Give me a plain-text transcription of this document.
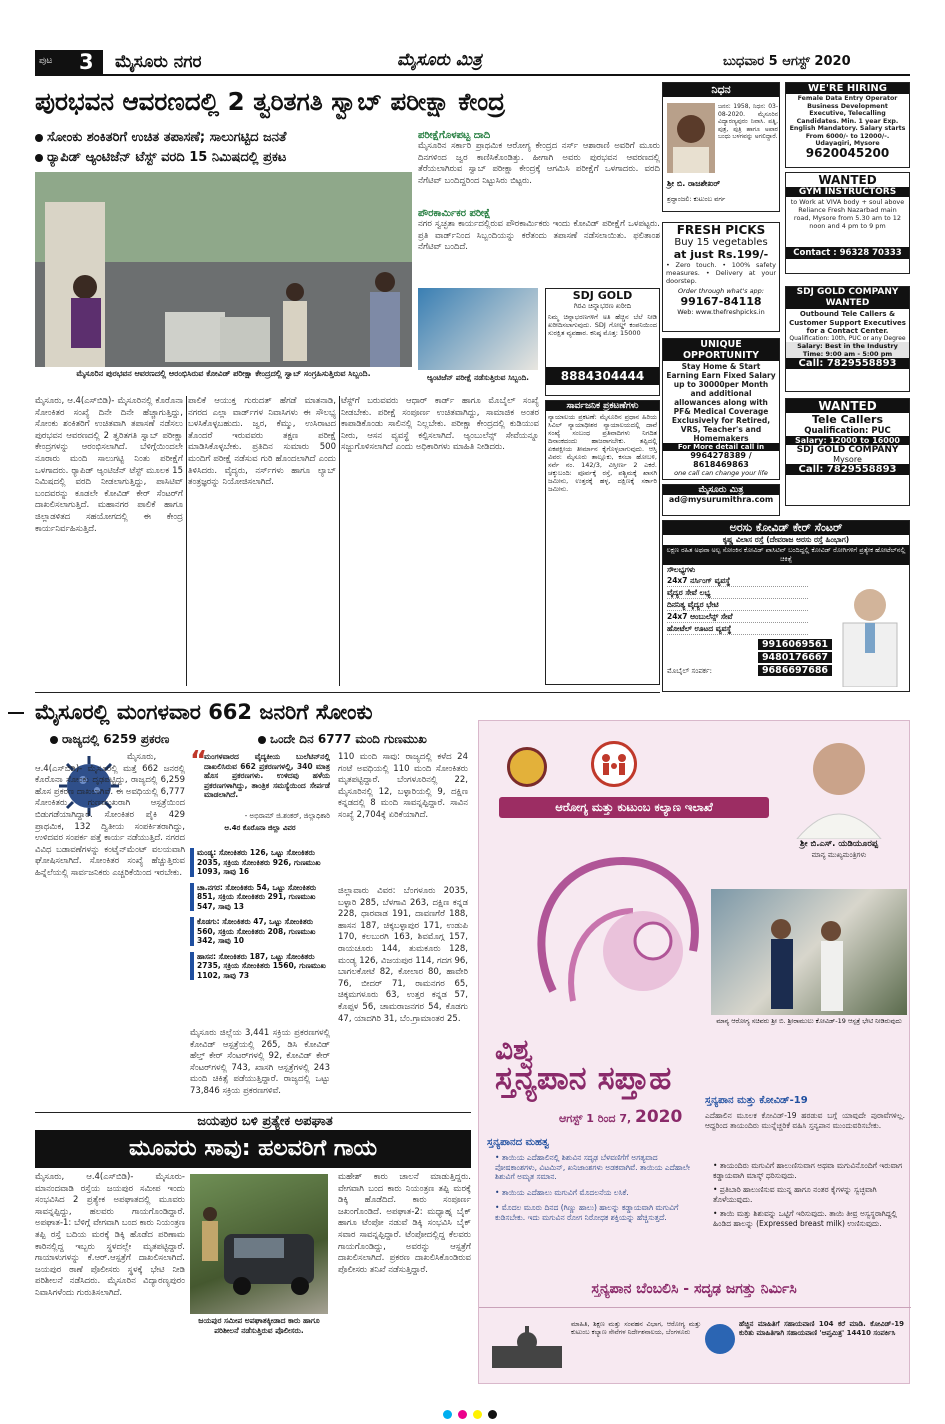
ಪುಟ 3 ಮೈಸೂರು ನಗರ	ಮೈಸೂರು ಮಿತ್ರ	ಬುಧವಾರ 5 ಆಗಸ್ಟ್ 2020
ಪುರಭವನ ಆವರಣದಲ್ಲಿ 2 ತ್ವರಿತಗತಿ ಸ್ವಾಬ್ ಪರೀಕ್ಷಾ ಕೇಂದ್ರ
ಸೋಂಕು ಶಂಕಿತರಿಗೆ ಉಚಿತ ತಪಾಸಣೆ; ಸಾಲುಗಟ್ಟಿದ ಜನತೆ
ರ್‍ಯಾಪಿಡ್ ಆ್ಯಂಟಿಜೆನ್ ಟೆಸ್ಟ್ ವರದಿ 15 ನಿಮಿಷದಲ್ಲಿ ಪ್ರಕಟ
ಮೈಸೂರಿನ ಪುರಭವನ ಆವರಣದಲ್ಲಿ ಆರಂಭಿಸಿರುವ ಕೋವಿಡ್ ಪರೀಕ್ಷಾ ಕೇಂದ್ರದಲ್ಲಿ ಸ್ವಾಬ್ ಸಂಗ್ರಹಿಸುತ್ತಿರುವ ಸಿಬ್ಬಂದಿ.
ಪರೀಕ್ಷೆಗೊಳಪಟ್ಟ ದಾದಿ
ಮೈಸೂರಿನ ಸರ್ಕಾರಿ ಪ್ರಾಥಮಿಕ ಆರೋಗ್ಯ ಕೇಂದ್ರದ ನರ್ಸ್ ಆಶಾರಾಣಿ ಅವರಿಗೆ ಮೂರು ದಿನಗಳಿಂದ ಜ್ವರ ಕಾಣಿಸಿಕೊಂಡಿತ್ತು. ಹೀಗಾಗಿ ಅವರು ಪುರಭವನ ಆವರಣದಲ್ಲಿ ತೆರೆಯಲಾಗಿರುವ ಸ್ವಾಬ್ ಪರೀಕ್ಷಾ ಕೇಂದ್ರಕ್ಕೆ ಆಗಮಿಸಿ ಪರೀಕ್ಷೆಗೆ ಒಳಗಾದರು. ವರದಿ ನೆಗೆಟಿವ್ ಬಂದಿದ್ದರಿಂದ ನಿಟ್ಟುಸಿರು ಬಿಟ್ಟರು.
ಪೌರಕಾರ್ಮಿಕರ ಪರೀಕ್ಷೆ
ನಗರ ಸ್ವಚ್ಛತಾ ಕಾರ್ಯದಲ್ಲಿರುವ ಪೌರಕಾರ್ಮಿಕರು ಇಂದು ಕೋವಿಡ್ ಪರೀಕ್ಷೆಗೆ ಒಳಪಟ್ಟರು. ಪ್ರತಿ ವಾರ್ಡ್‌ನಿಂದ ಸಿಬ್ಬಂದಿಯನ್ನು ಕರೆತಂದು ತಪಾಸಣೆ ನಡೆಸಲಾಯಿತು. ಫಲಿತಾಂಶ ನೆಗೆಟಿವ್ ಬಂದಿದೆ.
ಆ್ಯಂಟಿಜೆನ್ ಪರೀಕ್ಷೆ ನಡೆಸುತ್ತಿರುವ ಸಿಬ್ಬಂದಿ.
SDJ GOLD
ಗಿರವಿ ಚಿನ್ನಾಭರಣ ಖರೀದಿ
ನಿಮ್ಮ ಚಿನ್ನಾಭರಣಗಳಿಗೆ ಅತಿ ಹೆಚ್ಚಿನ ಬೆಲೆ ನೀಡಿ ಖರೀದಿಸಲಾಗುವುದು. SDJ ಗೋಲ್ಡ್ ಕಂಪನಿಯಿಂದ ಸುರಕ್ಷಿತ ವ್ಯವಹಾರ. ಕನಿಷ್ಠ ಮೊತ್ತ: 15000
8884304444
ಮೈಸೂರು, ಆ.4(ಎಸ್‌ಬಿಡಿ)- ಮೈಸೂರಿನಲ್ಲಿ ಕೊರೊನಾ ಸೋಂಕಿತರ ಸಂಖ್ಯೆ ದಿನೇ ದಿನೇ ಹೆಚ್ಚಾಗುತ್ತಿದ್ದು, ಸೋಂಕು ಶಂಕಿತರಿಗೆ ಉಚಿತವಾಗಿ ತಪಾಸಣೆ ನಡೆಸಲು ಪುರಭವನ ಆವರಣದಲ್ಲಿ 2 ತ್ವರಿತಗತಿ ಸ್ವಾಬ್ ಪರೀಕ್ಷಾ ಕೇಂದ್ರಗಳನ್ನು ಆರಂಭಿಸಲಾಗಿದೆ. ಬೆಳಿಗ್ಗೆಯಿಂದಲೇ ನೂರಾರು ಮಂದಿ ಸಾಲುಗಟ್ಟಿ ನಿಂತು ಪರೀಕ್ಷೆಗೆ ಒಳಗಾದರು. ರ್‍ಯಾಪಿಡ್ ಆ್ಯಂಟಿಜೆನ್ ಟೆಸ್ಟ್ ಮೂಲಕ 15 ನಿಮಿಷದಲ್ಲಿ ವರದಿ ನೀಡಲಾಗುತ್ತಿದ್ದು, ಪಾಸಿಟಿವ್ ಬಂದವರನ್ನು ಕೂಡಲೇ ಕೋವಿಡ್ ಕೇರ್ ಸೆಂಟರ್‌ಗೆ ದಾಖಲಿಸಲಾಗುತ್ತಿದೆ. ಮಹಾನಗರ ಪಾಲಿಕೆ ಹಾಗೂ ಜಿಲ್ಲಾಡಳಿತದ ಸಹಯೋಗದಲ್ಲಿ ಈ ಕೇಂದ್ರ ಕಾರ್ಯನಿರ್ವಹಿಸುತ್ತಿದೆ.
ಪಾಲಿಕೆ ಆಯುಕ್ತ ಗುರುದತ್ ಹೆಗಡೆ ಮಾತನಾಡಿ, ನಗರದ ಎಲ್ಲಾ ವಾರ್ಡ್‌ಗಳ ನಿವಾಸಿಗಳು ಈ ಸೌಲಭ್ಯ ಬಳಸಿಕೊಳ್ಳಬಹುದು. ಜ್ವರ, ಕೆಮ್ಮು, ಉಸಿರಾಟದ ತೊಂದರೆ ಇರುವವರು ತಕ್ಷಣ ಪರೀಕ್ಷೆ ಮಾಡಿಸಿಕೊಳ್ಳಬೇಕು. ಪ್ರತಿದಿನ ಸುಮಾರು 500 ಮಂದಿಗೆ ಪರೀಕ್ಷೆ ನಡೆಸುವ ಗುರಿ ಹೊಂದಲಾಗಿದೆ ಎಂದು ತಿಳಿಸಿದರು. ವೈದ್ಯರು, ನರ್ಸ್‌ಗಳು ಹಾಗೂ ಲ್ಯಾಬ್ ತಂತ್ರಜ್ಞರನ್ನು ನಿಯೋಜಿಸಲಾಗಿದೆ.
ಟೆಸ್ಟ್‌ಗೆ ಬರುವವರು ಆಧಾರ್ ಕಾರ್ಡ್ ಹಾಗೂ ಮೊಬೈಲ್ ಸಂಖ್ಯೆ ನೀಡಬೇಕು. ಪರೀಕ್ಷೆ ಸಂಪೂರ್ಣ ಉಚಿತವಾಗಿದ್ದು, ಸಾಮಾಜಿಕ ಅಂತರ ಕಾಪಾಡಿಕೊಂಡು ಸಾಲಿನಲ್ಲಿ ನಿಲ್ಲಬೇಕು. ಪರೀಕ್ಷಾ ಕೇಂದ್ರದಲ್ಲಿ ಕುಡಿಯುವ ನೀರು, ಆಸನ ವ್ಯವಸ್ಥೆ ಕಲ್ಪಿಸಲಾಗಿದೆ. ಆ್ಯಂಬುಲೆನ್ಸ್ ಸೇವೆಯನ್ನೂ ಸಜ್ಜುಗೊಳಿಸಲಾಗಿದೆ ಎಂದು ಅಧಿಕಾರಿಗಳು ಮಾಹಿತಿ ನೀಡಿದರು.
ಸಾರ್ವಜನಿಕ ಪ್ರಕಟಣೆಗಳು
ನ್ಯಾಯಾಲಯ ಪ್ರಕಟಣೆ: ಮೈಸೂರಿನ ಪ್ರಧಾನ ಹಿರಿಯ ಸಿವಿಲ್ ನ್ಯಾಯಾಧೀಶರ ನ್ಯಾಯಾಲಯದಲ್ಲಿ ದಾವೆ ಸಂಖ್ಯೆ ಸಂಬಂಧ ಪ್ರತಿವಾದಿಗಳು ನಿಗದಿತ ದಿನಾಂಕದಂದು ಹಾಜರಾಗಬೇಕು. ತಪ್ಪಿದಲ್ಲಿ ಏಕಪಕ್ಷೀಯ ತೀರ್ಮಾನ ಕೈಗೊಳ್ಳಲಾಗುವುದು. ಆಸ್ತಿ ವಿವರ: ಮೈಸೂರು ತಾಲ್ಲೂಕು, ಕಸಬಾ ಹೋಬಳಿ, ಸರ್ವೆ ನಂ. 142/3, ವಿಸ್ತೀರ್ಣ 2 ಎಕರೆ. ಚಕ್ಕುಬಂದಿ: ಪೂರ್ವಕ್ಕೆ ರಸ್ತೆ, ಪಶ್ಚಿಮಕ್ಕೆ ಖಾಸಗಿ ಜಮೀನು, ಉತ್ತರಕ್ಕೆ ಹಳ್ಳ, ದಕ್ಷಿಣಕ್ಕೆ ಸರ್ಕಾರಿ ಜಮೀನು.
ನಿಧನ
ಜನನ: 1958, ನಿಧನ: 03-08-2020. ಮೈಸೂರಿನ ವಿದ್ಯಾರಣ್ಯಪುರಂ ನಿವಾಸಿ. ಪತ್ನಿ, ಪುತ್ರ, ಪುತ್ರಿ ಹಾಗೂ ಅಪಾರ ಬಂಧು ಬಳಗವನ್ನು ಅಗಲಿದ್ದಾರೆ.
ಶ್ರೀ ಬಿ. ರಾಜಶೇಖರ್
ಶ್ರದ್ಧಾಂಜಲಿ: ಕುಟುಂಬ ವರ್ಗ
WE'RE HIRING
Female Data Entry Operator Business Development Executive, Telecalling Candidates. Min. 1 year Exp. English Mandatory. Salary starts From 6000/- to 12000/-. Udayagiri, Mysore
9620045200
WANTED
GYM INSTRUCTORS
to Work at VIVA body + soul above Reliance Fresh Nazarbad main road, Mysore from 5.30 am to 12 noon and 4 pm to 9 pm
Contact : 96328 70333
FRESH PICKS
Buy 15 vegetables
at just Rs.199/-
• Zero touch. • 100% safety measures. • Delivery at your doorstep.
Order through what's app:
99167-84118
Web: www.thefreshpicks.in
SDJ GOLD COMPANY WANTED
Outbound Tele Callers & Customer Support Executives for a Contact Center.
Qualification: 10th, PUC or any Degree
Salary: Best in the Industry Time: 9:00 am - 5:00 pm
Call: 7829558893
UNIQUE OPPORTUNITY
Stay Home & Start Earning Earn Fixed Salary up to 30000per Month and additional allowances along with PF& Medical Coverage Exclusively for Retired, VRS, Teacher's and Homemakers
For More detail call in
9964278389 / 8618469863
one call can change your life
ಮೈಸೂರು ಮಿತ್ರ
ad@mysurumithra.com
WANTED
Tele Callers
Qualification: PUC
Salary: 12000 to 16000
SDJ GOLD COMPANY
Mysore
Call: 7829558893
ಅರಸು ಕೋವಿಡ್ ಕೇರ್ ಸೆಂಟರ್
ಕೃಷ್ಣ ವಿಲಾಸ ರಸ್ತೆ (ದೇವರಾಜ ಅರಸು ರಸ್ತೆ ಹಿಂಭಾಗ)
ಲಕ್ಷಣ ರಹಿತ ಅಥವಾ ಅಲ್ಪ ಸೋಂಕಿನ ಕೋವಿಡ್ ಪಾಸಿಟಿವ್ ಬಂದಿದ್ದಲ್ಲಿ ಕೋವಿಡ್ ರೋಗಿಗಳಿಗೆ ಪ್ರತ್ಯೇಕ ಹೋಟೆಲ್‌ನಲ್ಲಿ ಚಿಕಿತ್ಸೆ
ಸೌಲಭ್ಯಗಳು
24x7 ನರ್ಸಿಂಗ್ ವ್ಯವಸ್ಥೆ
ವೈದ್ಯರ ಸೇವೆ ಲಭ್ಯ
ದಿನನಿತ್ಯ ವೈದ್ಯರ ಭೇಟಿ
24x7 ಆಂಬುಲೆನ್ಸ್ ಸೇವೆ
ಹೋಟೆಲ್ ಊಟದ ವ್ಯವಸ್ಥೆ
ಮೊಬೈಲ್ ಸಂಪರ್ಕ:
9916069561
9480176667
9686697686
ಮೈಸೂರಲ್ಲಿ ಮಂಗಳವಾರ 662 ಜನರಿಗೆ ಸೋಂಕು
ರಾಜ್ಯದಲ್ಲಿ 6259 ಪ್ರಕರಣ	ಒಂದೇ ದಿನ 6777 ಮಂದಿ ಗುಣಮುಖ
ಮೈಸೂರು, ಆ.4(ಎಸ್‌ಬಿಡಿ)- ಮೈಸೂರಲ್ಲಿ ಮತ್ತೆ 662 ಜನರಲ್ಲಿ ಕೊರೊನಾ ಸೋಂಕು ದೃಢಪಟ್ಟಿದ್ದು, ರಾಜ್ಯದಲ್ಲಿ 6,259 ಹೊಸ ಪ್ರಕರಣ ದಾಖಲಾಗಿವೆ. ಈ ಅವಧಿಯಲ್ಲಿ 6,777 ಸೋಂಕಿತರು ಗುಣಮುಖರಾಗಿ ಆಸ್ಪತ್ರೆಯಿಂದ ಬಿಡುಗಡೆಯಾಗಿದ್ದಾರೆ. ಸೋಂಕಿತರ ಪೈಕಿ 429 ಪ್ರಾಥಮಿಕ, 132 ದ್ವಿತೀಯ ಸಂಪರ್ಕಿತರಾಗಿದ್ದು, ಉಳಿದವರ ಸಂಪರ್ಕ ಪತ್ತೆ ಕಾರ್ಯ ನಡೆಯುತ್ತಿದೆ. ನಗರದ ವಿವಿಧ ಬಡಾವಣೆಗಳನ್ನು ಕಂಟೈನ್‌ಮೆಂಟ್ ವಲಯವಾಗಿ ಘೋಷಿಸಲಾಗಿದೆ. ಸೋಂಕಿತರ ಸಂಖ್ಯೆ ಹೆಚ್ಚುತ್ತಿರುವ ಹಿನ್ನೆಲೆಯಲ್ಲಿ ಸಾರ್ವಜನಿಕರು ಎಚ್ಚರಿಕೆಯಿಂದ ಇರಬೇಕು.
“
ಮಂಗಳವಾರದ ವೈದ್ಯಕೀಯ ಬುಲೆಟಿನ್‌ನಲ್ಲಿ ದಾಖಲಿಸಿರುವ 662 ಪ್ರಕರಣಗಳಲ್ಲಿ, 340 ಮಾತ್ರ ಹೊಸ ಪ್ರಕರಣಗಳು. ಉಳಿದವು ಹಳೆಯ ಪ್ರಕರಣಗಳಾಗಿದ್ದು, ತಾಂತ್ರಿಕ ಸಮಸ್ಯೆಯಿಂದ ಸೇರ್ಪಡೆ ಮಾಡಲಾಗಿದೆ.
- ಅಭಿರಾಮ್ ಜಿ.ಶಂಕರ್, ಜಿಲ್ಲಾಧಿಕಾರಿ
ಆ.4ರ ಕೊರೊನಾ ಜಿಲ್ಲಾ ವಿವರ
ಮಂಡ್ಯ: ಸೋಂಕಿತರು 126, ಒಟ್ಟು ಸೋಂಕಿತರು 2035, ಸಕ್ರಿಯ ಸೋಂಕಿತರು 926, ಗುಣಮುಖ 1093, ಸಾವು 16
ಚಾ.ನಗರ: ಸೋಂಕಿತರು 54, ಒಟ್ಟು ಸೋಂಕಿತರು 851, ಸಕ್ರಿಯ ಸೋಂಕಿತರು 291, ಗುಣಮುಖ 547, ಸಾವು 13
ಕೊಡಗು: ಸೋಂಕಿತರು 47, ಒಟ್ಟು ಸೋಂಕಿತರು 560, ಸಕ್ರಿಯ ಸೋಂಕಿತರು 208, ಗುಣಮುಖ 342, ಸಾವು 10
ಹಾಸನ: ಸೋಂಕಿತರು 187, ಒಟ್ಟು ಸೋಂಕಿತರು 2735, ಸಕ್ರಿಯ ಸೋಂಕಿತರು 1560, ಗುಣಮುಖ 1102, ಸಾವು 73
ಮೈಸೂರು ಜಿಲ್ಲೆಯ 3,441 ಸಕ್ರಿಯ ಪ್ರಕರಣಗಳಲ್ಲಿ ಕೋವಿಡ್ ಆಸ್ಪತ್ರೆಯಲ್ಲಿ 265, ಡಿಸಿ ಕೋವಿಡ್ ಹೆಲ್ತ್ ಕೇರ್ ಸೆಂಟರ್‌ಗಳಲ್ಲಿ 92, ಕೋವಿಡ್ ಕೇರ್ ಸೆಂಟರ್‌ಗಳಲ್ಲಿ 743, ಖಾಸಗಿ ಆಸ್ಪತ್ರೆಗಳಲ್ಲಿ 243 ಮಂದಿ ಚಿಕಿತ್ಸೆ ಪಡೆಯುತ್ತಿದ್ದಾರೆ. ರಾಜ್ಯದಲ್ಲಿ ಒಟ್ಟು 73,846 ಸಕ್ರಿಯ ಪ್ರಕರಣಗಳಿವೆ.
110 ಮಂದಿ ಸಾವು: ರಾಜ್ಯದಲ್ಲಿ ಕಳೆದ 24 ಗಂಟೆ ಅವಧಿಯಲ್ಲಿ 110 ಮಂದಿ ಸೋಂಕಿತರು ಮೃತಪಟ್ಟಿದ್ದಾರೆ. ಬೆಂಗಳೂರಿನಲ್ಲಿ 22, ಮೈಸೂರಿನಲ್ಲಿ 12, ಬಳ್ಳಾರಿಯಲ್ಲಿ 9, ದಕ್ಷಿಣ ಕನ್ನಡದಲ್ಲಿ 8 ಮಂದಿ ಸಾವನ್ನಪ್ಪಿದ್ದಾರೆ. ಸಾವಿನ ಸಂಖ್ಯೆ 2,704ಕ್ಕೆ ಏರಿಕೆಯಾಗಿದೆ.
ಜಿಲ್ಲಾವಾರು ವಿವರ: ಬೆಂಗಳೂರು 2035, ಬಳ್ಳಾರಿ 285, ಬೆಳಗಾವಿ 263, ದಕ್ಷಿಣ ಕನ್ನಡ 228, ಧಾರವಾಡ 191, ದಾವಣಗೆರೆ 188, ಹಾಸನ 187, ಚಿಕ್ಕಬಳ್ಳಾಪುರ 171, ಉಡುಪಿ 170, ಕಲಬುರಗಿ 163, ಶಿವಮೊಗ್ಗ 157, ರಾಯಚೂರು 144, ತುಮಕೂರು 128, ಮಂಡ್ಯ 126, ವಿಜಯಪುರ 114, ಗದಗ 96, ಬಾಗಲಕೋಟೆ 82, ಕೋಲಾರ 80, ಹಾವೇರಿ 76, ಬೀದರ್ 71, ರಾಮನಗರ 65, ಚಿಕ್ಕಮಗಳೂರು 63, ಉತ್ತರ ಕನ್ನಡ 57, ಕೊಪ್ಪಳ 56, ಚಾಮರಾಜನಗರ 54, ಕೊಡಗು 47, ಯಾದಗಿರಿ 31, ಬೆಂ.ಗ್ರಾಮಾಂತರ 25.
ಜಯಪುರ ಬಳಿ ಪ್ರತ್ಯೇಕ ಅಪಘಾತ
ಮೂವರು ಸಾವು: ಹಲವರಿಗೆ ಗಾಯ
ಮೈಸೂರು, ಆ.4(ಎಸ್‌ಬಿಡಿ)- ಮೈಸೂರು-ಮಾನಂದವಾಡಿ ರಸ್ತೆಯ ಜಯಪುರ ಸಮೀಪ ಇಂದು ಸಂಭವಿಸಿದ 2 ಪ್ರತ್ಯೇಕ ಅಪಘಾತದಲ್ಲಿ ಮೂವರು ಸಾವನ್ನಪ್ಪಿದ್ದು, ಹಲವರು ಗಾಯಗೊಂಡಿದ್ದಾರೆ. ಅಪಘಾತ-1: ಬೆಳಿಗ್ಗೆ ವೇಗವಾಗಿ ಬಂದ ಕಾರು ನಿಯಂತ್ರಣ ತಪ್ಪಿ ರಸ್ತೆ ಬದಿಯ ಮರಕ್ಕೆ ಡಿಕ್ಕಿ ಹೊಡೆದ ಪರಿಣಾಮ ಕಾರಿನಲ್ಲಿದ್ದ ಇಬ್ಬರು ಸ್ಥಳದಲ್ಲೇ ಮೃತಪಟ್ಟಿದ್ದಾರೆ. ಗಾಯಾಳುಗಳನ್ನು ಕೆ.ಆರ್.ಆಸ್ಪತ್ರೆಗೆ ದಾಖಲಿಸಲಾಗಿದೆ. ಜಯಪುರ ಠಾಣೆ ಪೊಲೀಸರು ಸ್ಥಳಕ್ಕೆ ಭೇಟಿ ನೀಡಿ ಪರಿಶೀಲನೆ ನಡೆಸಿದರು. ಮೈಸೂರಿನ ವಿದ್ಯಾರಣ್ಯಪುರಂ ನಿವಾಸಿಗಳೆಂದು ಗುರುತಿಸಲಾಗಿದೆ.
ಜಯಪುರ ಸಮೀಪ ಅಪಘಾತಕ್ಕೀಡಾದ ಕಾರು ಹಾಗೂ ಪರಿಶೀಲನೆ ನಡೆಸುತ್ತಿರುವ ಪೊಲೀಸರು.
ಮಹೇಶ್ ಕಾರು ಚಾಲನೆ ಮಾಡುತ್ತಿದ್ದರು. ವೇಗವಾಗಿ ಬಂದ ಕಾರು ನಿಯಂತ್ರಣ ತಪ್ಪಿ ಮರಕ್ಕೆ ಡಿಕ್ಕಿ ಹೊಡೆದಿದೆ. ಕಾರು ಸಂಪೂರ್ಣ ಜಖಂಗೊಂಡಿದೆ. ಅಪಘಾತ-2: ಮಧ್ಯಾಹ್ನ ಬೈಕ್ ಹಾಗೂ ಟೆಂಪೋ ನಡುವೆ ಡಿಕ್ಕಿ ಸಂಭವಿಸಿ ಬೈಕ್ ಸವಾರ ಸಾವನ್ನಪ್ಪಿದ್ದಾರೆ. ಟೆಂಪೋದಲ್ಲಿದ್ದ ಕೆಲವರು ಗಾಯಗೊಂಡಿದ್ದು, ಅವರನ್ನು ಆಸ್ಪತ್ರೆಗೆ ದಾಖಲಿಸಲಾಗಿದೆ. ಪ್ರಕರಣ ದಾಖಲಿಸಿಕೊಂಡಿರುವ ಪೊಲೀಸರು ತನಿಖೆ ನಡೆಸುತ್ತಿದ್ದಾರೆ.
ಆರೋಗ್ಯ ಮತ್ತು ಕುಟುಂಬ ಕಲ್ಯಾಣ ಇಲಾಖೆ
ಶ್ರೀ ಬಿ.ಎಸ್. ಯಡಿಯೂರಪ್ಪ
ಮಾನ್ಯ ಮುಖ್ಯಮಂತ್ರಿಗಳು
ಮಾನ್ಯ ಆರೋಗ್ಯ ಸಚಿವರು ಶ್ರೀ ಬಿ. ಶ್ರೀರಾಮುಲು ಕೋವಿಡ್-19 ಆಸ್ಪತ್ರೆ ಭೇಟಿ ನೀಡಿರುವುದು
ವಿಶ್ವ
ಸ್ತನ್ಯಪಾನ ಸಪ್ತಾಹ
ಆಗಸ್ಟ್ 1 ರಿಂದ 7, 2020
ಸ್ತನ್ಯಪಾನದ ಮಹತ್ವ
• ತಾಯಿಯ ಎದೆಹಾಲಿನಲ್ಲಿ ಶಿಶುವಿನ ಸದೃಢ ಬೆಳವಣಿಗೆಗೆ ಅಗತ್ಯವಾದ ಪೋಷಕಾಂಶಗಳು, ವಿಟಮಿನ್, ಖನಿಜಾಂಶಗಳು ಅಡಕವಾಗಿವೆ. ತಾಯಿಯ ಎದೆಹಾಲೇ ಶಿಶುವಿಗೆ ಅಮೃತ ಸಮಾನ.
• ತಾಯಿಯ ಎದೆಹಾಲು ಮಗುವಿಗೆ ಮೊದಲನೆಯ ಲಸಿಕೆ.
• ಮೊದಲ ಮೂರು ದಿನದ (ಗಿಣ್ಣು ಹಾಲು) ಹಾಲನ್ನು ಕಡ್ಡಾಯವಾಗಿ ಮಗುವಿಗೆ ಕುಡಿಸಬೇಕು. ಇದು ಮಗುವಿನ ರೋಗ ನಿರೋಧಕ ಶಕ್ತಿಯನ್ನು ಹೆಚ್ಚಿಸುತ್ತದೆ.
ಸ್ತನ್ಯಪಾನ ಮತ್ತು ಕೋವಿಡ್-19
ಎದೆಹಾಲಿನ ಮೂಲಕ ಕೋವಿಡ್-19 ಹರಡುವ ಬಗ್ಗೆ ಯಾವುದೇ ಪುರಾವೆಗಳಿಲ್ಲ. ಆದ್ದರಿಂದ ತಾಯಂದಿರು ಮುನ್ನೆಚ್ಚರಿಕೆ ವಹಿಸಿ ಸ್ತನ್ಯಪಾನ ಮುಂದುವರಿಸಬೇಕು.
• ತಾಯಂದಿರು ಮಗುವಿಗೆ ಹಾಲುಣಿಸುವಾಗ ಅಥವಾ ಮಗುವಿನೊಂದಿಗೆ ಇರುವಾಗ ಕಡ್ಡಾಯವಾಗಿ ಮಾಸ್ಕ್ ಧರಿಸುವುದು.
• ಪ್ರತಿಬಾರಿ ಹಾಲುಣಿಸುವ ಮುನ್ನ ಹಾಗೂ ನಂತರ ಕೈಗಳನ್ನು ಸ್ವಚ್ಛವಾಗಿ ತೊಳೆಯುವುದು.
• ತಾಯಿ ಮತ್ತು ಶಿಶುವನ್ನು ಒಟ್ಟಿಗೆ ಇರಿಸುವುದು. ತಾಯಿ ತೀವ್ರ ಅಸ್ವಸ್ಥರಾಗಿದ್ದಲ್ಲಿ ಹಿಂಡಿದ ಹಾಲನ್ನು (Expressed breast milk) ಉಣಿಸುವುದು.
ಸ್ತನ್ಯಪಾನ ಬೆಂಬಲಿಸಿ - ಸದೃಢ ಜಗತ್ತು ನಿರ್ಮಿಸಿ
ಮಾಹಿತಿ, ಶಿಕ್ಷಣ ಮತ್ತು ಸಂವಹನ ವಿಭಾಗ, ಆರೋಗ್ಯ ಮತ್ತು ಕುಟುಂಬ ಕಲ್ಯಾಣ ಸೇವೆಗಳ ನಿರ್ದೇಶನಾಲಯ, ಬೆಂಗಳೂರು
ಹೆಚ್ಚಿನ ಮಾಹಿತಿಗೆ ಸಹಾಯವಾಣಿ 104 ಕರೆ ಮಾಡಿ. ಕೋವಿಡ್-19 ಕುರಿತು ಮಾಹಿತಿಗಾಗಿ ಸಹಾಯವಾಣಿ 'ಆಪ್ತಮಿತ್ರ' 14410 ಸಂಪರ್ಕಿಸಿ
